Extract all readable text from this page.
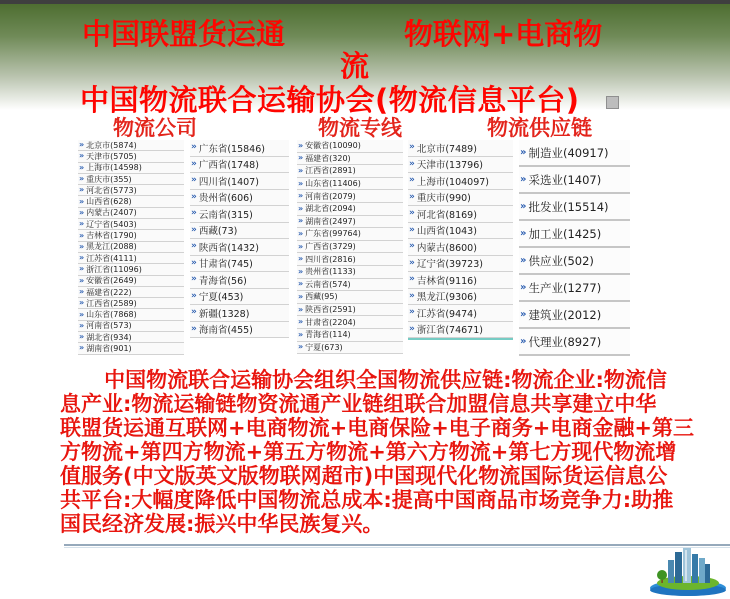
中国联盟货运通	物联网+电商物
流
中国物流联合运输协会(物流信息平台)
物流公司	物流专线	物流供应链
» 北京市(5874)
» 天津市(5705)
» 上海市(14598)
» 重庆市(355)
» 河北省(5773)
» 山西省(628)
» 内蒙古(2407)
» 辽宁省(5403)
» 吉林省(1790)
» 黑龙江(2088)
» 江苏省(4111)
» 浙江省(11096)
» 安徽省(2649)
» 福建省(222)
» 江西省(2589)
» 山东省(7868)
» 河南省(573)
» 湖北省(934)
» 湖南省(901)
» 广东省(15846)
» 广西省(1748)
» 四川省(1407)
» 贵州省(606)
» 云南省(315)
» 西藏(73)
» 陕西省(1432)
» 甘肃省(745)
» 青海省(56)
» 宁夏(453)
» 新疆(1328)
» 海南省(455)
» 安徽省(10090)
» 福建省(320)
» 江西省(2891)
» 山东省(11406)
» 河南省(2079)
» 湖北省(2094)
» 湖南省(2497)
» 广东省(99764)
» 广西省(3729)
» 四川省(2816)
» 贵州省(1133)
» 云南省(574)
» 西藏(95)
» 陕西省(2591)
» 甘肃省(2204)
» 青海省(114)
» 宁夏(673)
» 北京市(7489)
» 天津市(13796)
» 上海市(104097)
» 重庆市(990)
» 河北省(8169)
» 山西省(1043)
» 内蒙古(8600)
» 辽宁省(39723)
» 吉林省(9116)
» 黑龙江(9306)
» 江苏省(9474)
» 浙江省(74671)
» 制造业(40917)
» 采选业(1407)
» 批发业(15514)
» 加工业(1425)
» 供应业(502)
» 生产业(1277)
» 建筑业(2012)
» 代理业(8927)
中国物流联合运输协会组织全国物流供应链:物流企业:物流信
息产业:物流运输链物资流通产业链组联合加盟信息共享建立中华
联盟货运通互联网+电商物流+电商保险+电子商务+电商金融+第三
方物流+第四方物流+第五方物流+第六方物流+第七方现代物流增
值服务(中文版英文版物联网超市)中国现代化物流国际货运信息公
共平台:大幅度降低中国物流总成本:提高中国商品市场竞争力:助推
国民经济发展:振兴中华民族复兴。
